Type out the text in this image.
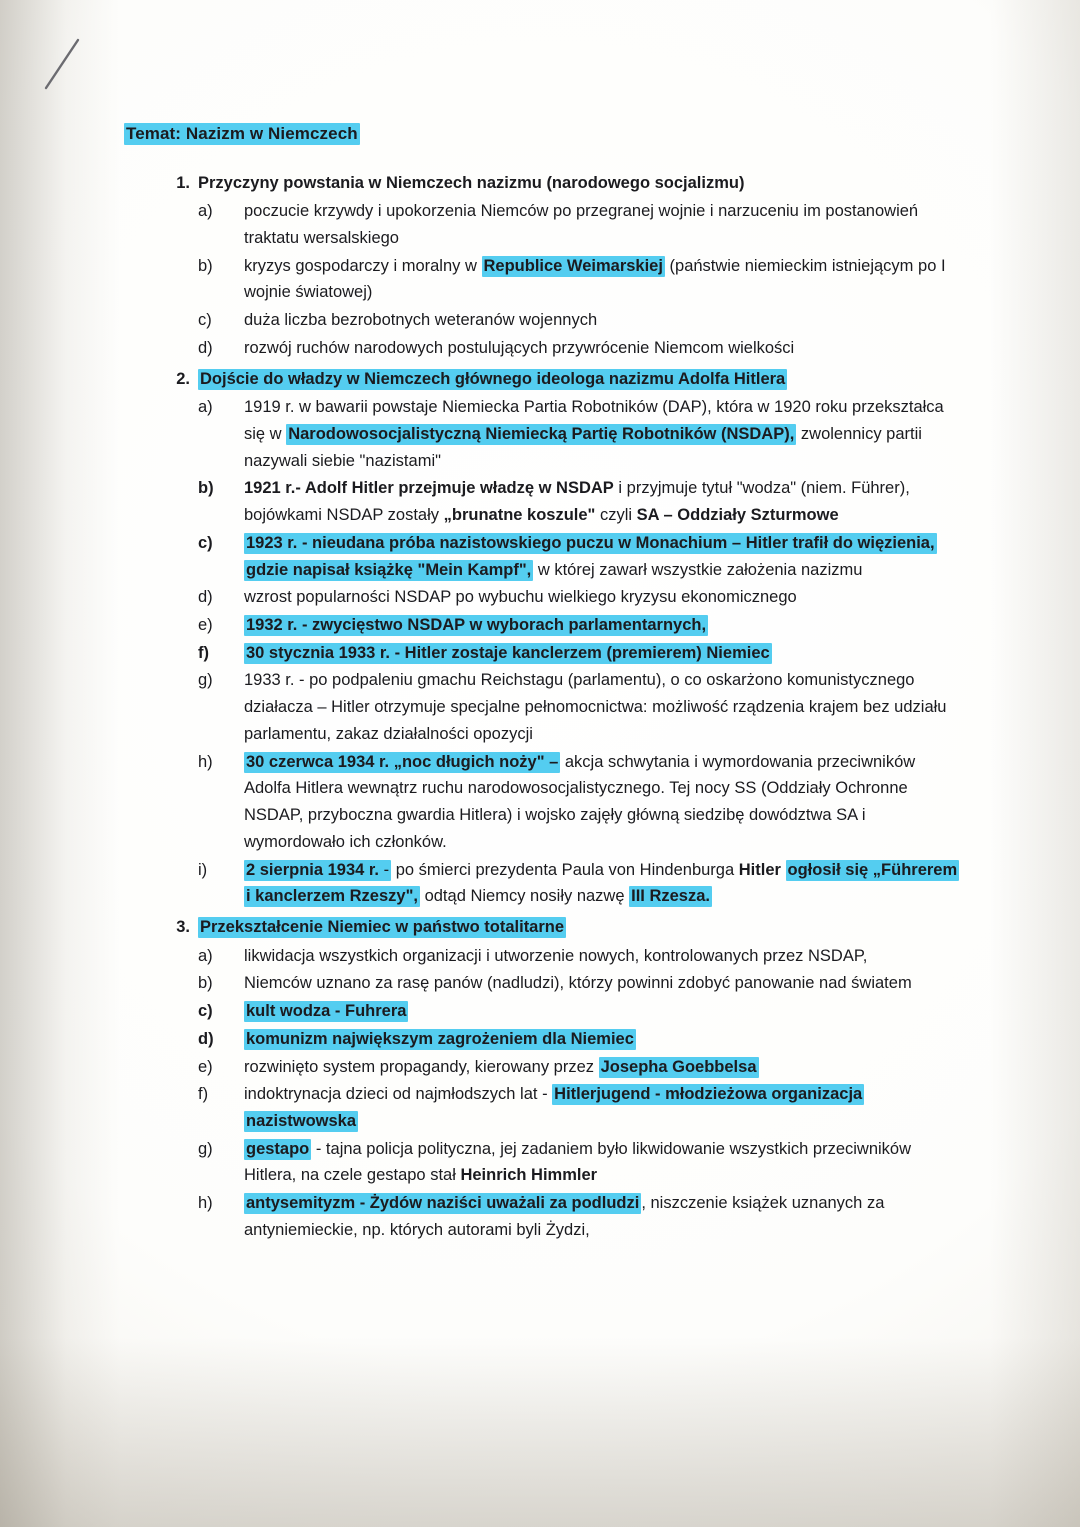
Temat: Nazizm w Niemczech

1. Przyczyny powstania w Niemczech nazizmu (narodowego socjalizmu)
a)	poczucie krzywdy i upokorzenia Niemców po przegranej wojnie i narzuceniu im postanowień traktatu wersalskiego
b)	kryzys gospodarczy i moralny w Republice Weimarskiej (państwie niemieckim istniejącym po I wojnie światowej)
c)	duża liczba bezrobotnych weteranów wojennych
d)	rozwój ruchów narodowych postulujących przywrócenie Niemcom wielkości
2. Dojście do władzy w Niemczech głównego ideologa nazizmu Adolfa Hitlera
a)	1919 r. w bawarii powstaje Niemiecka Partia Robotników (DAP), która w 1920 roku przekształca się w Narodowosocjalistyczną Niemiecką Partię Robotników (NSDAP), zwolennicy partii nazywali siebie "nazistami"
b)	1921 r.- Adolf Hitler przejmuje władzę w NSDAP i przyjmuje tytuł "wodza" (niem. Führer), bojówkami NSDAP zostały „brunatne koszule" czyli SA – Oddziały Szturmowe
c)	1923 r. - nieudana próba nazistowskiego puczu w Monachium – Hitler trafił do więzienia, gdzie napisał książkę "Mein Kampf", w której zawarł wszystkie założenia nazizmu
d)	wzrost popularności NSDAP po wybuchu wielkiego kryzysu ekonomicznego
e)	1932 r. - zwycięstwo NSDAP w wyborach parlamentarnych,
f)	30 stycznia 1933 r. - Hitler zostaje kanclerzem (premierem) Niemiec
g)	1933 r. - po podpaleniu gmachu Reichstagu (parlamentu), o co oskarżono komunistycznego działacza – Hitler otrzymuje specjalne pełnomocnictwa: możliwość rządzenia krajem bez udziału parlamentu, zakaz działalności opozycji
h)	30 czerwca 1934 r. „noc długich noży" – akcja schwytania i wymordowania przeciwników Adolfa Hitlera wewnątrz ruchu narodowosocjalistycznego. Tej nocy SS (Oddziały Ochronne NSDAP, przyboczna gwardia Hitlera) i wojsko zajęły główną siedzibę dowództwa SA i wymordowało ich członków.
i)	2 sierpnia 1934 r. - po śmierci prezydenta Paula von Hindenburga Hitler ogłosił się „Führerem i kanclerzem Rzeszy", odtąd Niemcy nosiły nazwę III Rzesza.
3. Przekształcenie Niemiec w państwo totalitarne
a)	likwidacja wszystkich organizacji i utworzenie nowych, kontrolowanych przez NSDAP,
b)	Niemców uznano za rasę panów (nadludzi), którzy powinni zdobyć panowanie nad światem
c)	kult wodza - Fuhrera
d)	komunizm największym zagrożeniem dla Niemiec
e)	rozwinięto system propagandy, kierowany przez Josepha Goebbelsa
f)	indoktrynacja dzieci od najmłodszych lat - Hitlerjugend - młodzieżowa organizacja nazistwowska
g)	gestapo - tajna policja polityczna, jej zadaniem było likwidowanie wszystkich przeciwników Hitlera, na czele gestapo stał Heinrich Himmler
h)	antysemityzm - Żydów naziści uważali za podludzi , niszczenie książek uznanych za antyniemieckie, np. których autorami byli Żydzi,
